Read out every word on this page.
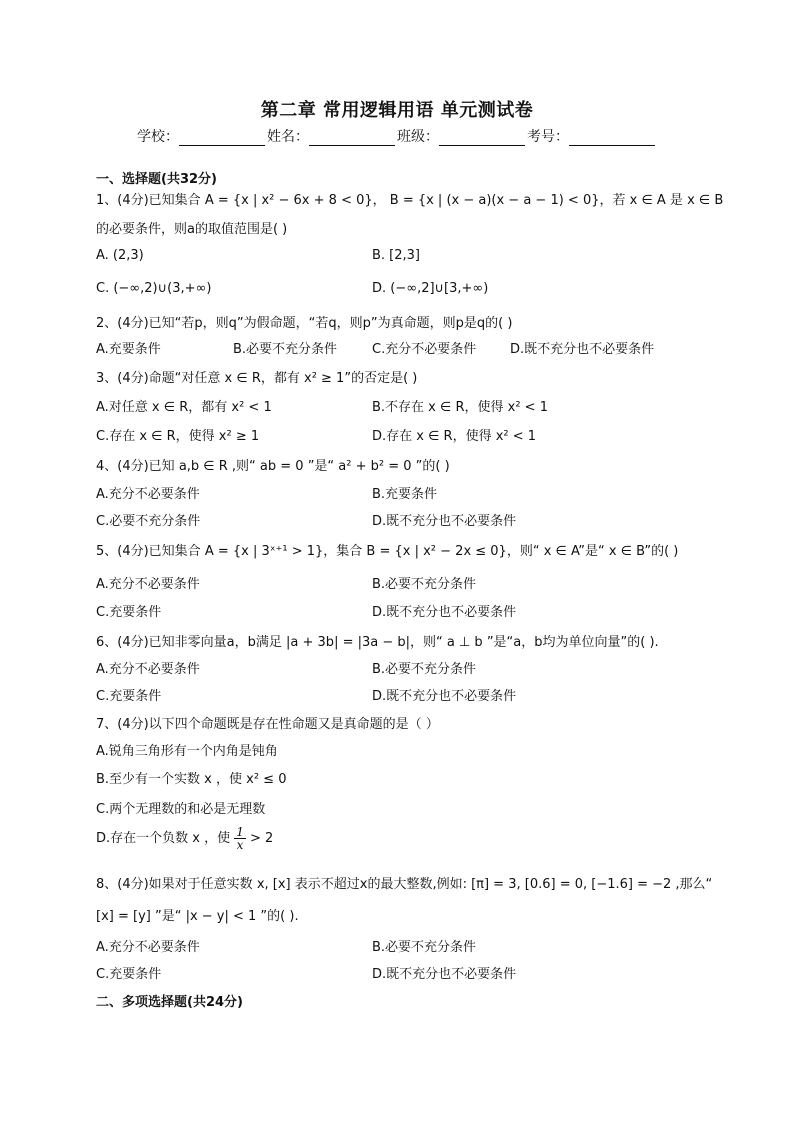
第二章 常用逻辑用语 单元测试卷
学校：	姓名：	班级：	考号：
一、选择题(共32分)
1、(4分)已知集合 A = {x | x² − 6x + 8 < 0}， B = {x | (x − a)(x − a − 1) < 0}，若 x ∈ A 是 x ∈ B
的必要条件，则a的取值范围是( )
A. (2,3)	B. [2,3]
C. (−∞,2)∪(3,+∞)	D. (−∞,2]∪[3,+∞)
2、(4分)已知“若p，则q”为假命题，“若q，则p”为真命题，则p是q的( )
A.充要条件	B.必要不充分条件	C.充分不必要条件	D.既不充分也不必要条件
3、(4分)命题“对任意 x ∈ R，都有 x² ≥ 1”的否定是( )
A.对任意 x ∈ R，都有 x² < 1	B.不存在 x ∈ R，使得 x² < 1
C.存在 x ∈ R，使得 x² ≥ 1	D.存在 x ∈ R，使得 x² < 1
4、(4分)已知 a,b ∈ R ,则“ ab = 0 ”是“ a² + b² = 0 ”的( )
A.充分不必要条件	B.充要条件
C.必要不充分条件	D.既不充分也不必要条件
5、(4分)已知集合 A = {x | 3ˣ⁺¹ > 1}，集合 B = {x | x² − 2x ≤ 0}，则“ x ∈ A”是“ x ∈ B”的( )
A.充分不必要条件	B.必要不充分条件
C.充要条件	D.既不充分也不必要条件
6、(4分)已知非零向量a，b满足 |a + 3b| = |3a − b|，则“ a ⊥ b ”是“a，b均为单位向量”的( ).
A.充分不必要条件	B.必要不充分条件
C.充要条件	D.既不充分也不必要条件
7、(4分)以下四个命题既是存在性命题又是真命题的是（ ）
A.锐角三角形有一个内角是钝角
B.至少有一个实数 x ，使 x² ≤ 0
C.两个无理数的和必是无理数
D.存在一个负数 x ，使 $\frac{1}{x} > 2$
8、(4分)如果对于任意实数 x, [x] 表示不超过x的最大整数,例如: [π] = 3, [0.6] = 0, [−1.6] = −2 ,那么“
[x] = [y] ”是“ |x − y| < 1 ”的( ).
A.充分不必要条件	B.必要不充分条件
C.充要条件	D.既不充分也不必要条件
二、多项选择题(共24分)
